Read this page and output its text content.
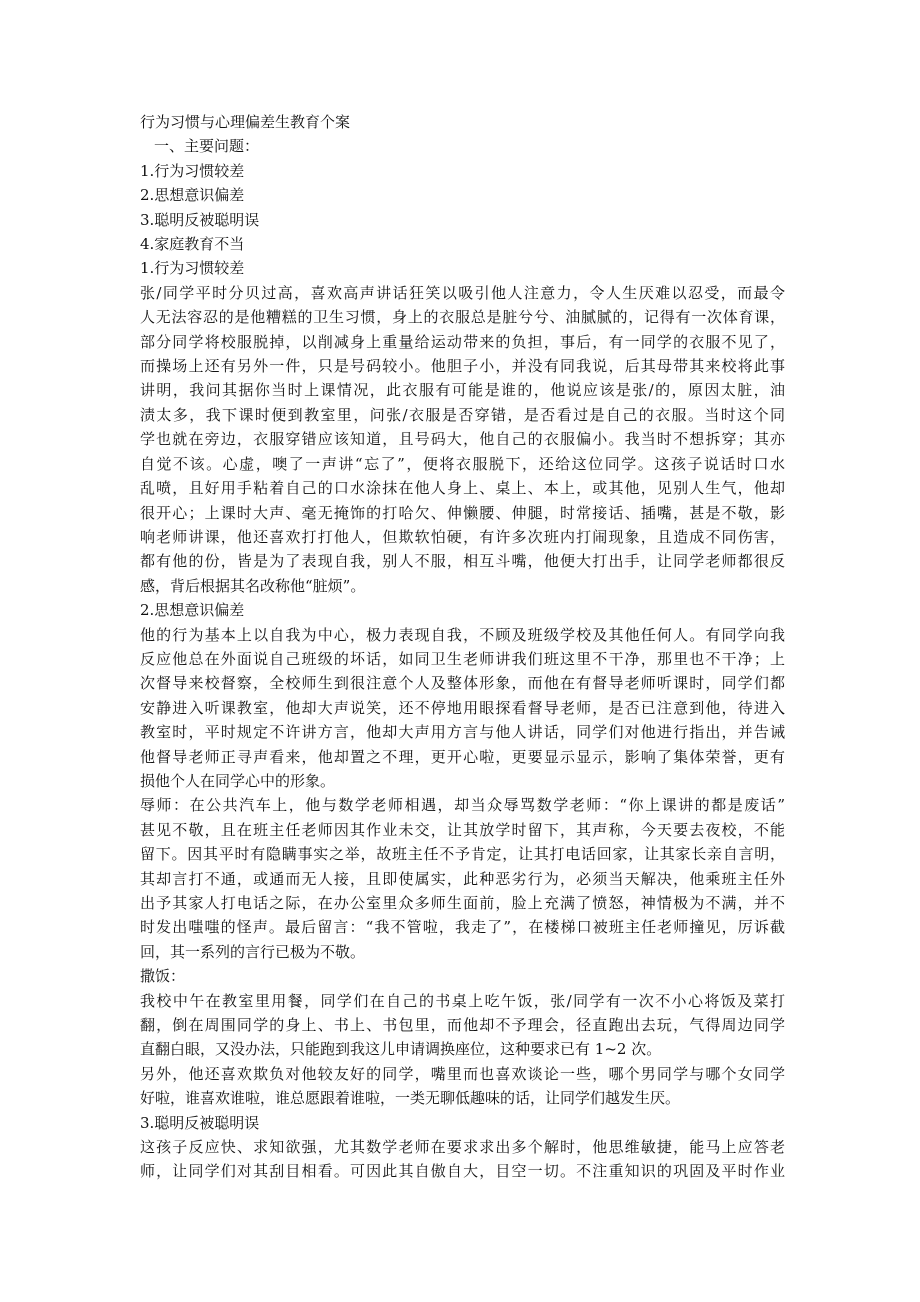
行为习惯与心理偏差生教育个案
一、主要问题：
1.行为习惯较差
2.思想意识偏差
3.聪明反被聪明误
4.家庭教育不当
1.行为习惯较差
张/同学平时分贝过高，喜欢高声讲话狂笑以吸引他人注意力，令人生厌难以忍受，而最令
人无法容忍的是他糟糕的卫生习惯，身上的衣服总是脏兮兮、油腻腻的，记得有一次体育课，
部分同学将校服脱掉，以削减身上重量给运动带来的负担，事后，有一同学的衣服不见了，
而操场上还有另外一件，只是号码较小。他胆子小，并没有同我说，后其母带其来校将此事
讲明，我问其据你当时上课情况，此衣服有可能是谁的，他说应该是张/的，原因太脏，油
渍太多，我下课时便到教室里，问张/衣服是否穿错，是否看过是自己的衣服。当时这个同
学也就在旁边，衣服穿错应该知道，且号码大，他自己的衣服偏小。我当时不想拆穿；其亦
自觉不该。心虚，噢了一声讲“忘了”，便将衣服脱下，还给这位同学。这孩子说话时口水
乱喷，且好用手粘着自己的口水涂抹在他人身上、桌上、本上，或其他，见别人生气，他却
很开心；上课时大声、毫无掩饰的打哈欠、伸懒腰、伸腿，时常接话、插嘴，甚是不敬，影
响老师讲课，他还喜欢打打他人，但欺软怕硬，有许多次班内打闹现象，且造成不同伤害，
都有他的份，皆是为了表现自我，别人不服，相互斗嘴，他便大打出手，让同学老师都很反
感，背后根据其名改称他“脏烦”。
2.思想意识偏差
他的行为基本上以自我为中心，极力表现自我，不顾及班级学校及其他任何人。有同学向我
反应他总在外面说自己班级的坏话，如同卫生老师讲我们班这里不干净，那里也不干净；上
次督导来校督察，全校师生到很注意个人及整体形象，而他在有督导老师听课时，同学们都
安静进入听课教室，他却大声说笑，还不停地用眼探看督导老师，是否已注意到他，待进入
教室时，平时规定不许讲方言，他却大声用方言与他人讲话，同学们对他进行指出，并告诫
他督导老师正寻声看来，他却置之不理，更开心啦，更要显示显示，影响了集体荣誉，更有
损他个人在同学心中的形象。
辱师：在公共汽车上，他与数学老师相遇，却当众辱骂数学老师：“你上课讲的都是废话”
甚见不敬，且在班主任老师因其作业未交，让其放学时留下，其声称，今天要去夜校，不能
留下。因其平时有隐瞒事实之举，故班主任不予肯定，让其打电话回家，让其家长亲自言明，
其却言打不通，或通而无人接，且即使属实，此种恶劣行为，必须当天解决，他乘班主任外
出予其家人打电话之际，在办公室里众多师生面前，脸上充满了愤怒，神情极为不满，并不
时发出嗤嗤的怪声。最后留言：“我不管啦，我走了”，在楼梯口被班主任老师撞见，厉诉截
回，其一系列的言行已极为不敬。
撒饭：
我校中午在教室里用餐，同学们在自己的书桌上吃午饭，张/同学有一次不小心将饭及菜打
翻，倒在周围同学的身上、书上、书包里，而他却不予理会，径直跑出去玩，气得周边同学
直翻白眼，又没办法，只能跑到我这儿申请调换座位，这种要求已有 1~2 次。
另外，他还喜欢欺负对他较友好的同学，嘴里而也喜欢谈论一些，哪个男同学与哪个女同学
好啦，谁喜欢谁啦，谁总愿跟着谁啦，一类无聊低趣味的话，让同学们越发生厌。
3.聪明反被聪明误
这孩子反应快、求知欲强，尤其数学老师在要求求出多个解时，他思维敏捷，能马上应答老
师，让同学们对其刮目相看。可因此其自傲自大，目空一切。不注重知识的巩固及平时作业
